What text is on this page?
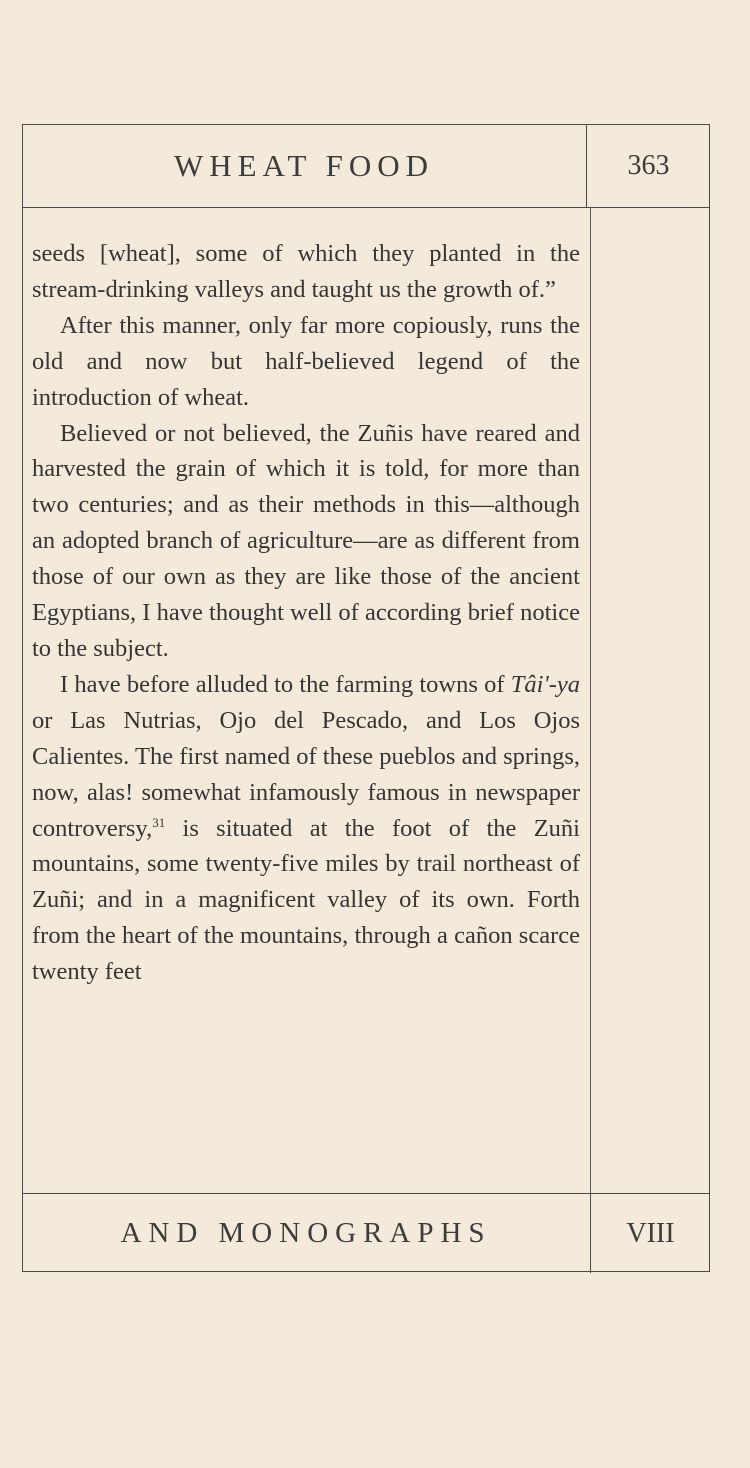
WHEAT FOOD	363

seeds [wheat], some of which they planted in the stream-drinking valleys and taught us the growth of.”

After this manner, only far more copiously, runs the old and now but half-believed legend of the introduction of wheat.

Believed or not believed, the Zuñis have reared and harvested the grain of which it is told, for more than two centuries; and as their methods in this—although an adopted branch of agriculture—are as different from those of our own as they are like those of the ancient Egyptians, I have thought well of according brief notice to the subject.

I have before alluded to the farming towns of Tâi'-ya or Las Nutrias, Ojo del Pescado, and Los Ojos Calientes. The first named of these pueblos and springs, now, alas! somewhat infamously famous in newspaper controversy,$^{31}$ is situated at the foot of the Zuñi mountains, some twenty-five miles by trail northeast of Zuñi; and in a magnificent valley of its own. Forth from the heart of the mountains, through a cañon scarce twenty feet

AND MONOGRAPHS	VIII
